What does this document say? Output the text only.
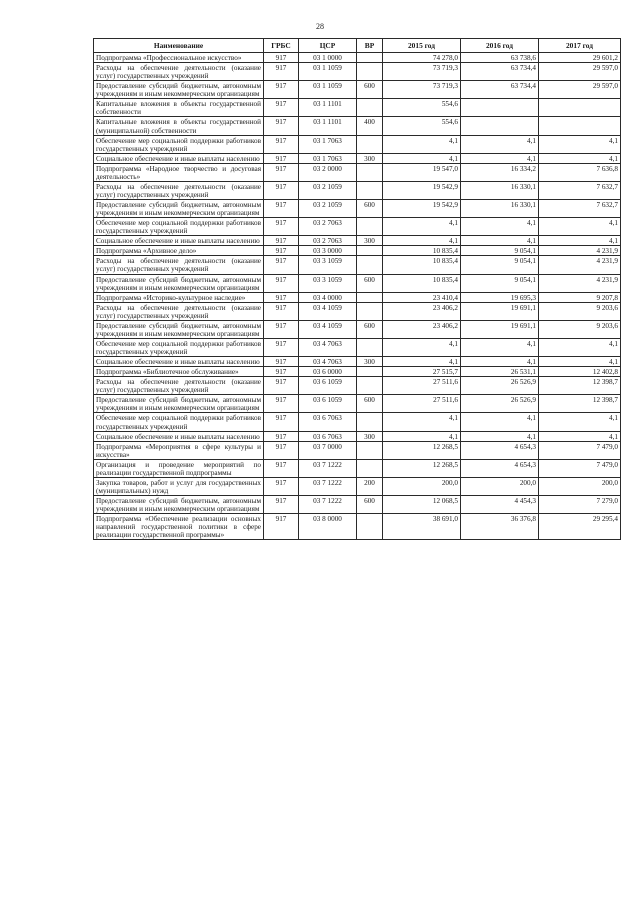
28
Наименование	ГРБС	ЦСР	ВР	2015 год	2016 год	2017 год
Подпрограмма «Профессиональное искусство»	917	03 1 0000		74 278,0	63 738,6	29 601,2
Расходы на обеспечение деятельности (оказание услуг) государственных учреждений	917	03 1 1059		73 719,3	63 734,4	29 597,0
Предоставление субсидий бюджетным, автономным учреждениям и иным некоммерческим организациям	917	03 1 1059	600	73 719,3	63 734,4	29 597,0
Капитальные вложения в объекты государственной собственности	917	03 1 1101		554,6		
Капитальные вложения в объекты государственной (муниципальной) собственности	917	03 1 1101	400	554,6		
Обеспечение мер социальной поддержки работников государственных учреждений	917	03 1 7063		4,1	4,1	4,1
Социальное обеспечение и иные выплаты населению	917	03 1 7063	300	4,1	4,1	4,1
Подпрограмма «Народное творчество и досуговая деятельность»	917	03 2 0000		19 547,0	16 334,2	7 636,8
Расходы на обеспечение деятельности (оказание услуг) государственных учреждений	917	03 2 1059		19 542,9	16 330,1	7 632,7
Предоставление субсидий бюджетным, автономным учреждениям и иным некоммерческим организациям	917	03 2 1059	600	19 542,9	16 330,1	7 632,7
Обеспечение мер социальной поддержки работников государственных учреждений	917	03 2 7063		4,1	4,1	4,1
Социальное обеспечение и иные выплаты населению	917	03 2 7063	300	4,1	4,1	4,1
Подпрограмма «Архивное дело»	917	03 3 0000		10 835,4	9 054,1	4 231,9
Расходы на обеспечение деятельности (оказание услуг) государственных учреждений	917	03 3 1059		10 835,4	9 054,1	4 231,9
Предоставление субсидий бюджетным, автономным учреждениям и иным некоммерческим организациям	917	03 3 1059	600	10 835,4	9 054,1	4 231,9
Подпрограмма «Историко-культурное наследие»	917	03 4 0000		23 410,4	19 695,3	9 207,8
Расходы на обеспечение деятельности (оказание услуг) государственных учреждений	917	03 4 1059		23 406,2	19 691,1	9 203,6
Предоставление субсидий бюджетным, автономным учреждениям и иным некоммерческим организациям	917	03 4 1059	600	23 406,2	19 691,1	9 203,6
Обеспечение мер социальной поддержки работников государственных учреждений	917	03 4 7063		4,1	4,1	4,1
Социальное обеспечение и иные выплаты населению	917	03 4 7063	300	4,1	4,1	4,1
Подпрограмма «Библиотечное обслуживание»	917	03 6 0000		27 515,7	26 531,1	12 402,8
Расходы на обеспечение деятельности (оказание услуг) государственных учреждений	917	03 6 1059		27 511,6	26 526,9	12 398,7
Предоставление субсидий бюджетным, автономным учреждениям и иным некоммерческим организациям	917	03 6 1059	600	27 511,6	26 526,9	12 398,7
Обеспечение мер социальной поддержки работников государственных учреждений	917	03 6 7063		4,1	4,1	4,1
Социальное обеспечение и иные выплаты населению	917	03 6 7063	300	4,1	4,1	4,1
Подпрограмма «Мероприятия в сфере культуры и искусства»	917	03 7 0000		12 268,5	4 654,3	7 479,0
Организация и проведение мероприятий по реализации государственной подпрограммы	917	03 7 1222		12 268,5	4 654,3	7 479,0
Закупка товаров, работ и услуг для государственных (муниципальных) нужд	917	03 7 1222	200	200,0	200,0	200,0
Предоставление субсидий бюджетным, автономным учреждениям и иным некоммерческим организациям	917	03 7 1222	600	12 068,5	4 454,3	7 279,0
Подпрограмма «Обеспечение реализации основных направлений государственной политики в сфере реализации государственной программы»	917	03 8 0000		38 691,0	36 376,8	29 295,4
